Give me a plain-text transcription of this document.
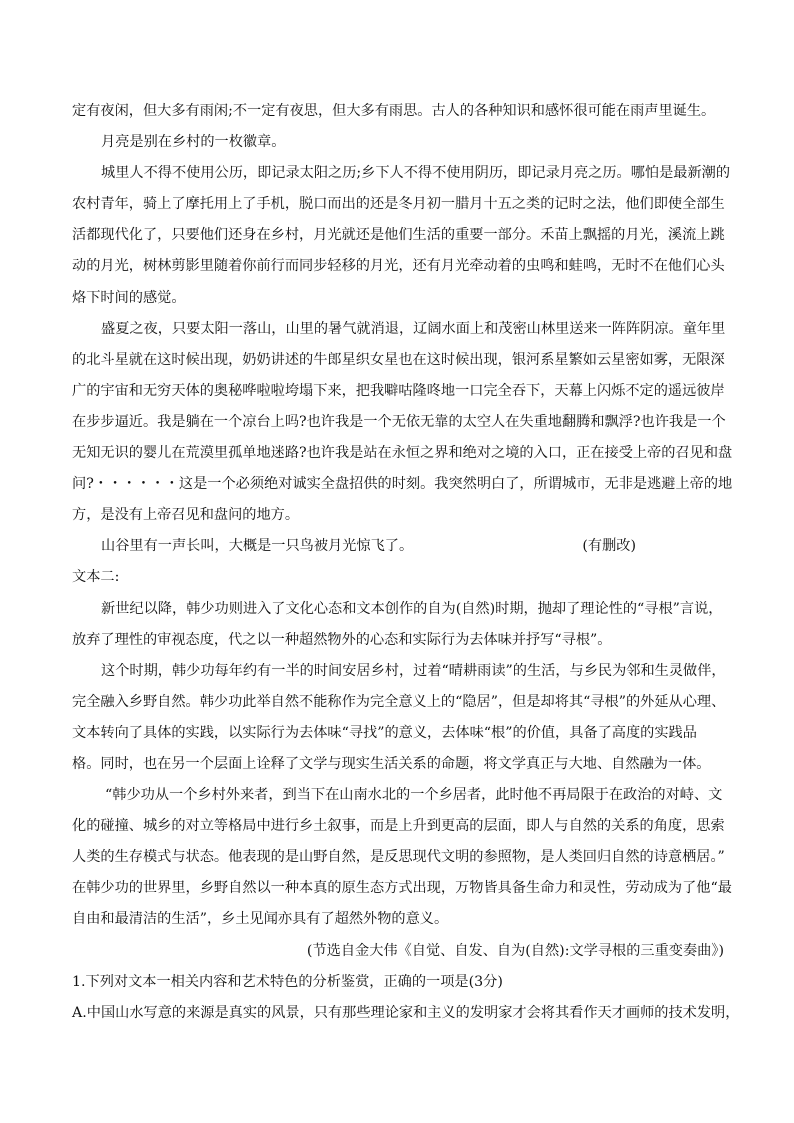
定有夜闲，但大多有雨闲;不一定有夜思，但大多有雨思。古人的各种知识和感怀很可能在雨声里诞生。
月亮是别在乡村的一枚徽章。
城里人不得不使用公历，即记录太阳之历;乡下人不得不使用阴历，即记录月亮之历。哪怕是最新潮的
农村青年，骑上了摩托用上了手机，脱口而出的还是冬月初一腊月十五之类的记时之法，他们即使全部生
活都现代化了，只要他们还身在乡村，月光就还是他们生活的重要一部分。禾苗上飘摇的月光，溪流上跳
动的月光，树林剪影里随着你前行而同步轻移的月光，还有月光牵动着的虫鸣和蛙鸣，无时不在他们心头
烙下时间的感觉。
盛夏之夜，只要太阳一落山，山里的暑气就消退，辽阔水面上和茂密山林里送来一阵阵阴凉。童年里
的北斗星就在这时候出现，奶奶讲述的牛郎星织女星也在这时候出现，银河系星繁如云星密如雾，无限深
广的宇宙和无穷天体的奥秘哗啦啦垮塌下来，把我噼咕隆咚地一口完全吞下，天幕上闪烁不定的遥远彼岸
在步步逼近。我是躺在一个凉台上吗?也许我是一个无依无靠的太空人在失重地翻腾和飘浮?也许我是一个
无知无识的婴儿在荒漠里孤单地迷路?也许我是站在永恒之界和绝对之境的入口，正在接受上帝的召见和盘
问?・・・・・・这是一个必须绝对诚实全盘招供的时刻。我突然明白了，所谓城市，无非是逃避上帝的地
方，是没有上帝召见和盘问的地方。
山谷里有一声长叫，大概是一只鸟被月光惊飞了。	(有删改)
文本二:
新世纪以降，韩少功则进入了文化心态和文本创作的自为(自然)时期，抛却了理论性的“寻根”言说，
放弃了理性的审视态度，代之以一种超然物外的心态和实际行为去体味并抒写“寻根”。
这个时期，韩少功每年约有一半的时间安居乡村，过着“晴耕雨读”的生活，与乡民为邻和生灵做伴，
完全融入乡野自然。韩少功此举自然不能称作为完全意义上的“隐居”，但是却将其“寻根”的外延从心理、
文本转向了具体的实践，以实际行为去体味“寻找”的意义，去体味“根”的价值，具备了高度的实践品
格。同时，也在另一个层面上诠释了文学与现实生活关系的命题，将文学真正与大地、自然融为一体。
“韩少功从一个乡村外来者，到当下在山南水北的一个乡居者，此时他不再局限于在政治的对峙、文
化的碰撞、城乡的对立等格局中进行乡土叙事，而是上升到更高的层面，即人与自然的关系的角度，思索
人类的生存模式与状态。他表现的是山野自然，是反思现代文明的参照物，是人类回归自然的诗意栖居。”
在韩少功的世界里，乡野自然以一种本真的原生态方式出现，万物皆具备生命力和灵性，劳动成为了他“最
自由和最清洁的生活”，乡土见闻亦具有了超然外物的意义。
(节选自金大伟《自觉、自发、自为(自然):文学寻根的三重变奏曲》)
1.下列对文本一相关内容和艺术特色的分析鉴赏，正确的一项是(3分)
A.中国山水写意的来源是真实的风景，只有那些理论家和主义的发明家才会将其看作天才画师的技术发明，
